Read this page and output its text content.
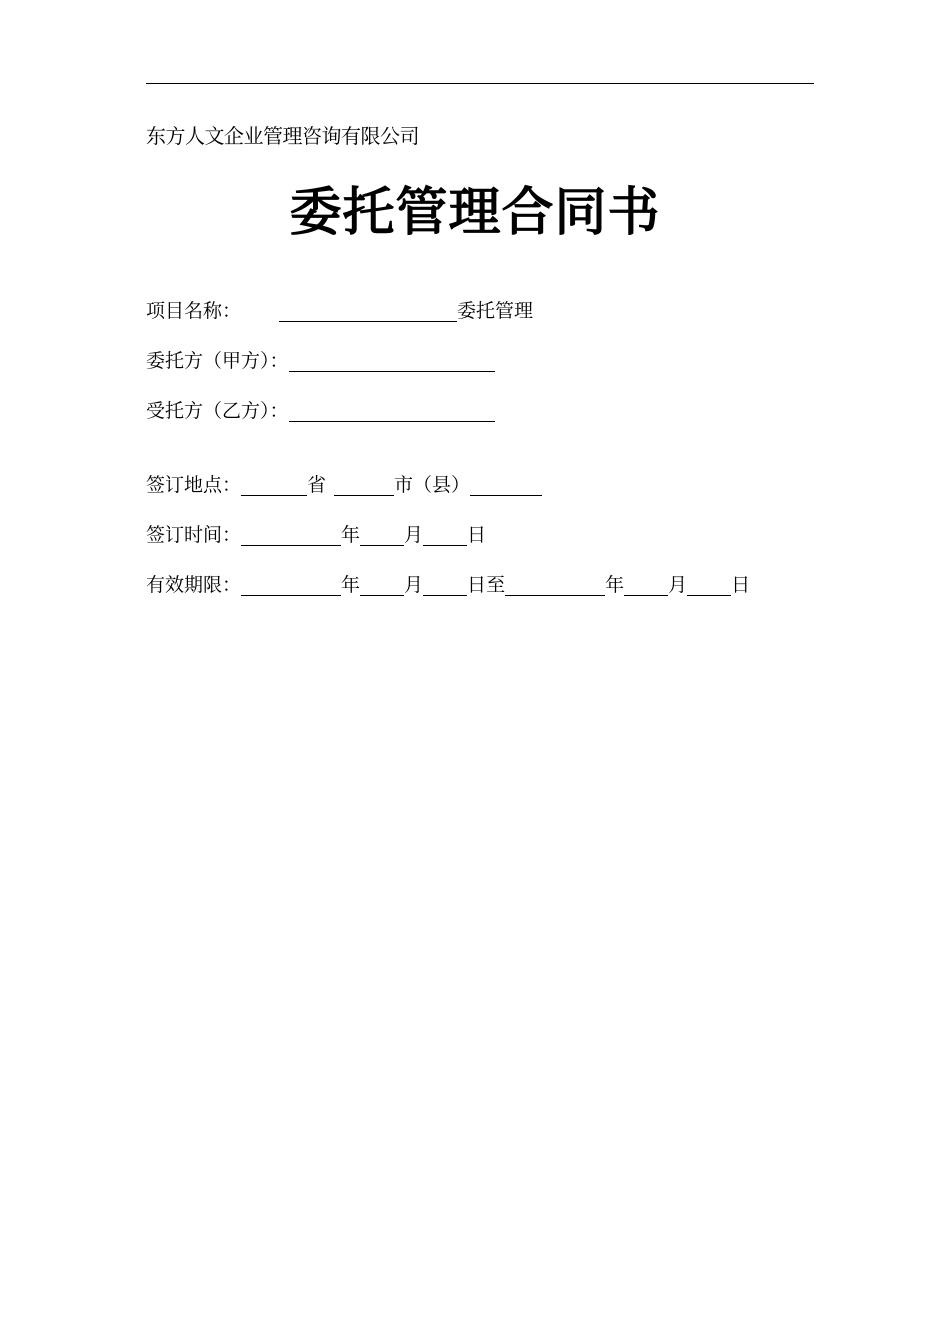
东方人文企业管理咨询有限公司
委托管理合同书
项目名称：	委托管理
委托方（甲方）：
受托方（乙方）：
签订地点：	省	市（县）
签订时间：	年 月 日
有效期限：	年 月 日 至	年 月 日
